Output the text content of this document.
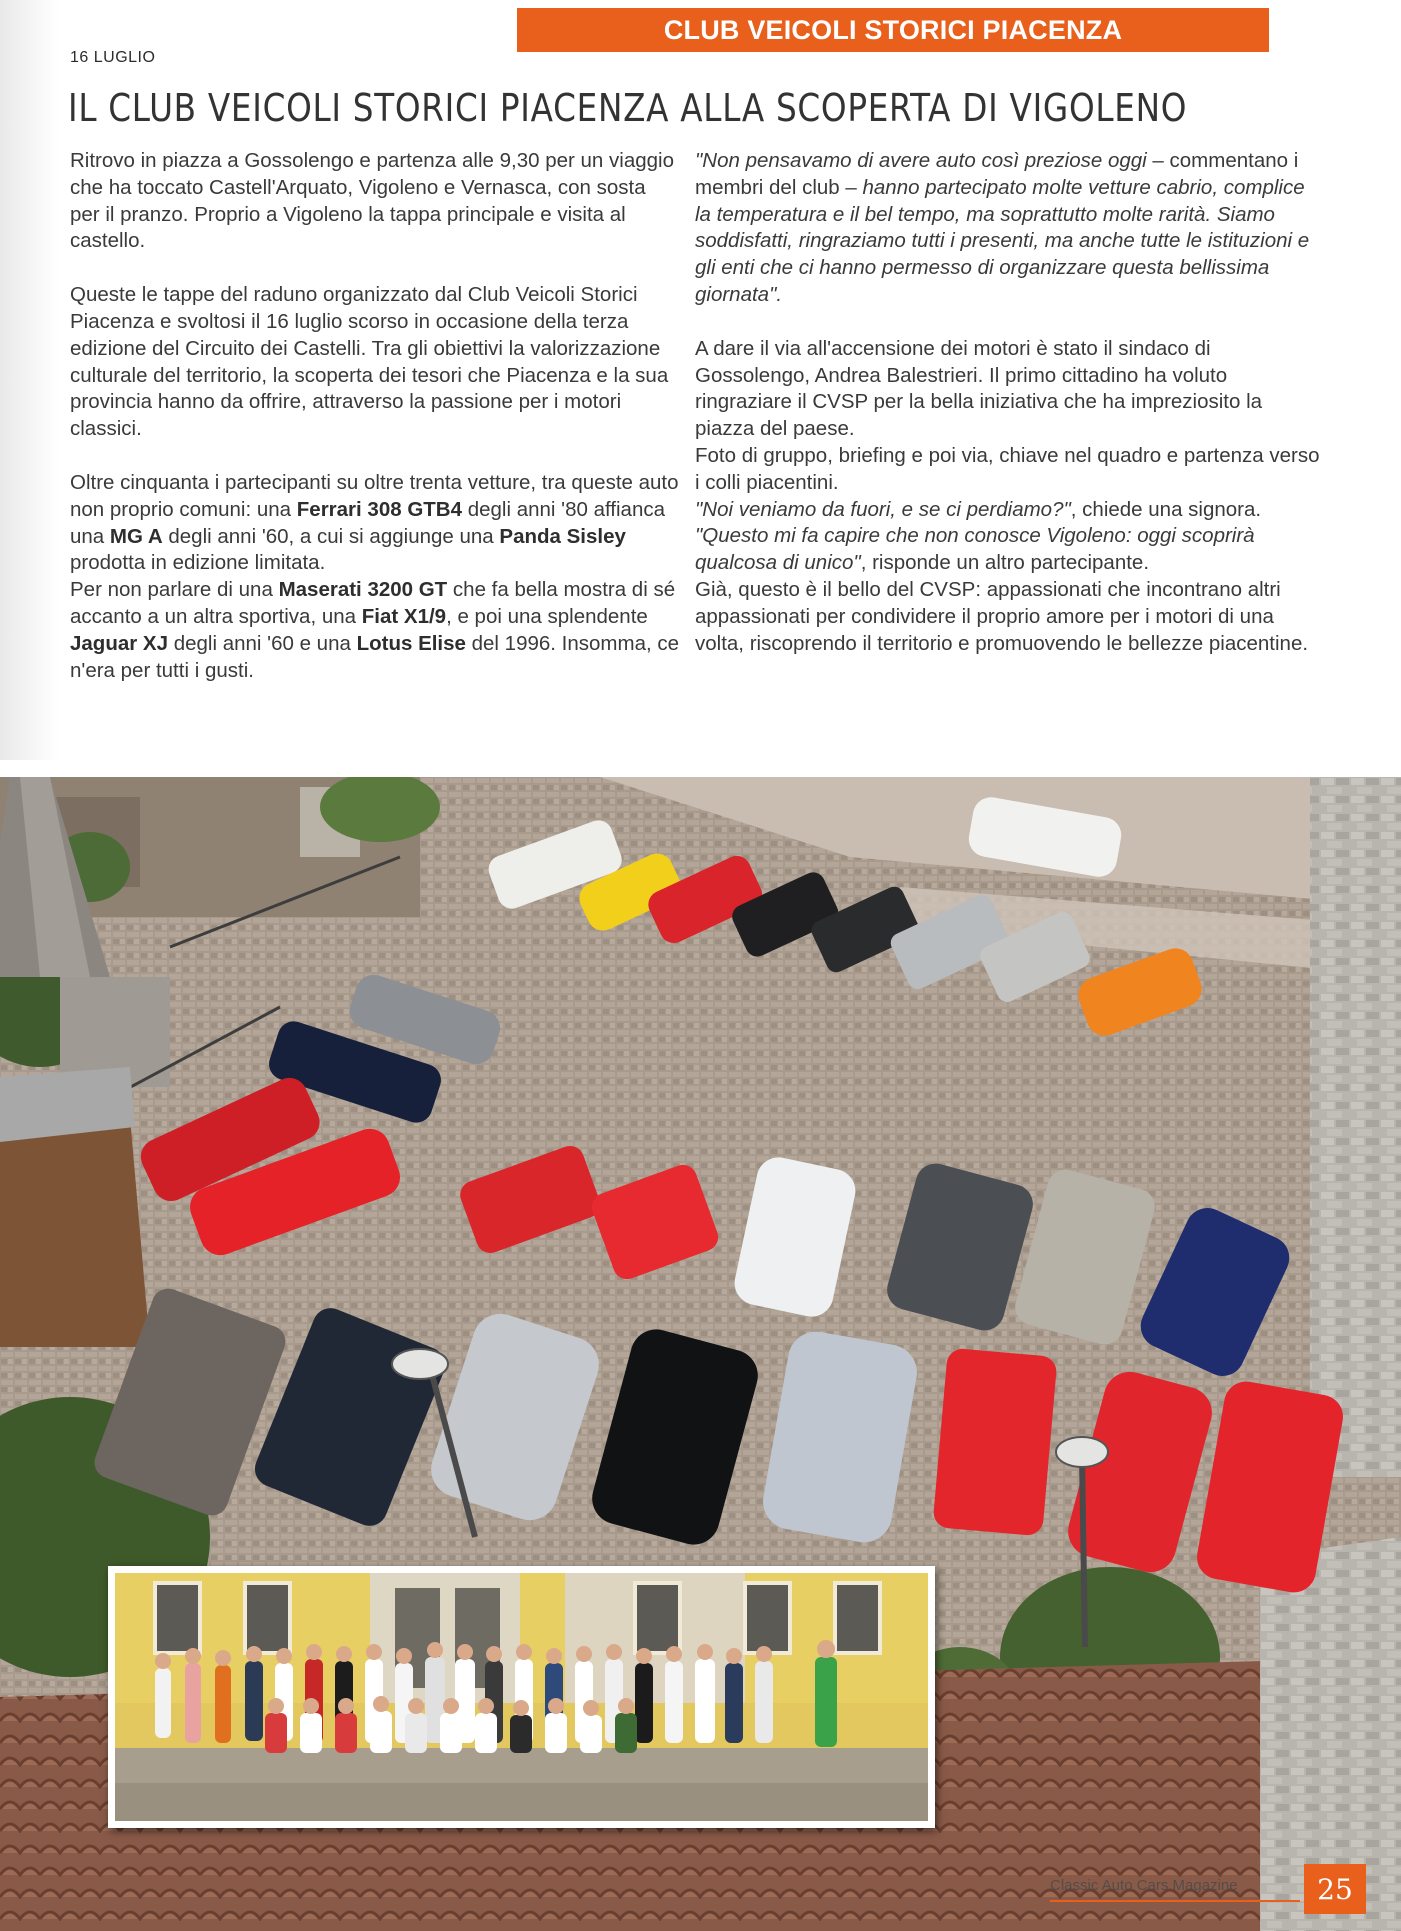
CLUB VEICOLI STORICI PIACENZA
16 LUGLIO
IL CLUB VEICOLI STORICI PIACENZA ALLA SCOPERTA DI VIGOLENO

Ritrovo in piazza a Gossolengo e partenza alle 9,30 per un viaggio che ha toccato Castell'Arquato, Vigoleno e Vernasca, con sosta per il pranzo. Proprio a Vigoleno la tappa principale e visita al castello.

Queste le tappe del raduno organizzato dal Club Veicoli Storici Piacenza e svoltosi il 16 luglio scorso in occasione della terza edizione del Circuito dei Castelli. Tra gli obiettivi la valorizzazione culturale del territorio, la scoperta dei tesori che Piacenza e la sua provincia hanno da offrire, attraverso la passione per i motori classici.

Oltre cinquanta i partecipanti su oltre trenta vetture, tra queste auto non proprio comuni: una Ferrari 308 GTB4 degli anni '80 affianca una MG A degli anni '60, a cui si aggiunge una Panda Sisley prodotta in edizione limitata.

Per non parlare di una Maserati 3200 GT che fa bella mostra di sé accanto a un altra sportiva, una Fiat X1/9, e poi una splendente Jaguar XJ degli anni '60 e una Lotus Elise del 1996. Insomma, ce n'era per tutti i gusti.

"Non pensavamo di avere auto così preziose oggi – commentano i membri del club – hanno partecipato molte vetture cabrio, complice la temperatura e il bel tempo, ma soprattutto molte rarità. Siamo soddisfatti, ringraziamo tutti i presenti, ma anche tutte le istituzioni e gli enti che ci hanno permesso di organizzare questa bellissima giornata".

A dare il via all'accensione dei motori è stato il sindaco di Gossolengo, Andrea Balestrieri. Il primo cittadino ha voluto ringraziare il CVSP per la bella iniziativa che ha impreziosito la piazza del paese.

Foto di gruppo, briefing e poi via, chiave nel quadro e partenza verso i colli piacentini.

"Noi veniamo da fuori, e se ci perdiamo?", chiede una signora. "Questo mi fa capire che non conosce Vigoleno: oggi scoprirà qualcosa di unico", risponde un altro partecipante.

Già, questo è il bello del CVSP: appassionati che incontrano altri appassionati per condividere il proprio amore per i motori di una volta, riscoprendo il territorio e promuovendo le bellezze piacentine.

Classic Auto Cars Magazine	25
